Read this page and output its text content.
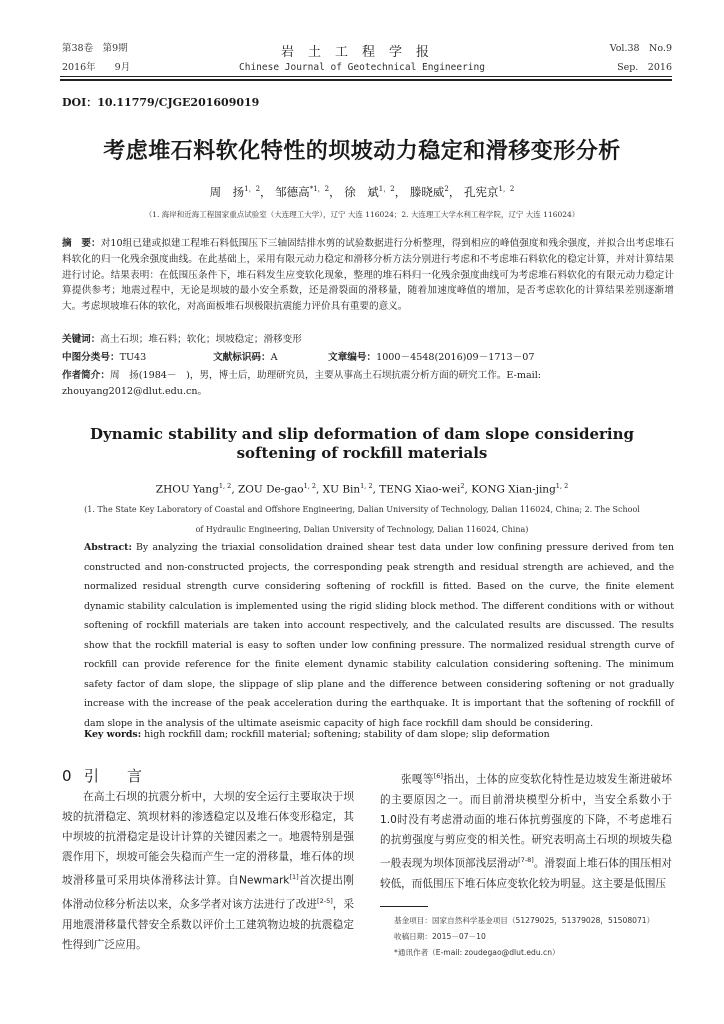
第38卷　第9期
2016年　　9月
岩土工程学报
Chinese Journal of Geotechnical Engineering
Vol.38　No.9
Sep.　2016
DOI：10.11779/CJGE201609019
考虑堆石料软化特性的坝坡动力稳定和滑移变形分析
周　扬$^{1,2}$， 邹德高$^{*1,2}$， 徐　斌$^{1,2}$， 滕晓威$^2$， 孔宪京$^{1,2}$
（1. 海岸和近海工程国家重点试验室（大连理工大学），辽宁 大连 116024；2. 大连理工大学水利工程学院，辽宁 大连 116024）
摘　要：对10组已建或拟建工程堆石料低围压下三轴固结排水剪的试验数据进行分析整理，得到相应的峰值强度和残余强度，并拟合出考虑堆石料软化的归一化残余强度曲线。在此基础上，采用有限元动力稳定和滑移分析方法分别进行考虑和不考虑堆石料软化的稳定计算，并对计算结果进行讨论。结果表明：在低围压条件下，堆石料发生应变软化现象，整理的堆石料归一化残余强度曲线可为考虑堆石料软化的有限元动力稳定计算提供参考；地震过程中，无论是坝坡的最小安全系数，还是滑裂面的滑移量，随着加速度峰值的增加，是否考虑软化的计算结果差别逐渐增大。考虑坝坡堆石体的软化，对高面板堆石坝极限抗震能力评价具有重要的意义。
关键词：高土石坝；堆石料；软化；坝坡稳定；滑移变形
中图分类号：TU43	文献标识码：A	文章编号：1000－4548(2016)09－1713－07
作者简介：周　扬(1984－　)，男，博士后，助理研究员，主要从事高土石坝抗震分析方面的研究工作。E-mail: zhouyang2012@dlut.edu.cn。
Dynamic stability and slip deformation of dam slope considering
softening of rockfill materials
ZHOU Yang$^{1, 2}$, ZOU De-gao$^{1, 2}$, XU Bin$^{1, 2}$, TENG Xiao-wei$^2$, KONG Xian-jing$^{1, 2}$
(1. The State Key Laboratory of Coastal and Offshore Engineering, Dalian University of Technology, Dalian 116024, China; 2. The School
of Hydraulic Engineering, Dalian University of Technology, Dalian 116024, China)
Abstract: By analyzing the triaxial consolidation drained shear test data under low confining pressure derived from ten constructed and non-constructed projects, the corresponding peak strength and residual strength are achieved, and the normalized residual strength curve considering softening of rockfill is fitted. Based on the curve, the finite element dynamic stability calculation is implemented using the rigid sliding block method. The different conditions with or without softening of rockfill materials are taken into account respectively, and the calculated results are discussed. The results show that the rockfill material is easy to soften under low confining pressure. The normalized residual strength curve of rockfill can provide reference for the finite element dynamic stability calculation considering softening. The minimum safety factor of dam slope, the slippage of slip plane and the difference between considering softening or not gradually increase with the increase of the peak acceleration during the earthquake. It is important that the softening of rockfill of dam slope in the analysis of the ultimate aseismic capacity of high face rockfill dam should be considering.
Key words: high rockfill dam; rockfill material; softening; stability of dam slope; slip deformation
0 引言
在高土石坝的抗震分析中，大坝的安全运行主要取决于坝坡的抗滑稳定、筑坝材料的渗透稳定以及堆石体变形稳定，其中坝坡的抗滑稳定是设计计算的关键因素之一。地震特别是强震作用下，坝坡可能会失稳而产生一定的滑移量，堆石体的坝坡滑移量可采用块体滑移法计算。自Newmark[1]首次提出刚体滑动位移分析法以来，众多学者对该方法进行了改进[2-5]，采用地震滑移量代替安全系数以评价土工建筑物边坡的抗震稳定性得到广泛应用。
张嘎等[6]指出，土体的应变软化特性是边坡发生渐进破坏的主要原因之一。而目前滑块模型分析中，当安全系数小于1.0时没有考虑滑动面的堆石体抗剪强度的下降，不考虑堆石的抗剪强度与剪应变的相关性。研究表明高土石坝的坝坡失稳一般表现为坝体顶部浅层滑动[7-8]。滑裂面上堆石体的围压相对较低，而低围压下堆石体应变软化较为明显。这主要是低围压
基金项目：国家自然科学基金项目（51279025，51379028，51508071）
收稿日期：2015－07－10
*通讯作者（E-mail: zoudegao@dlut.edu.cn）
